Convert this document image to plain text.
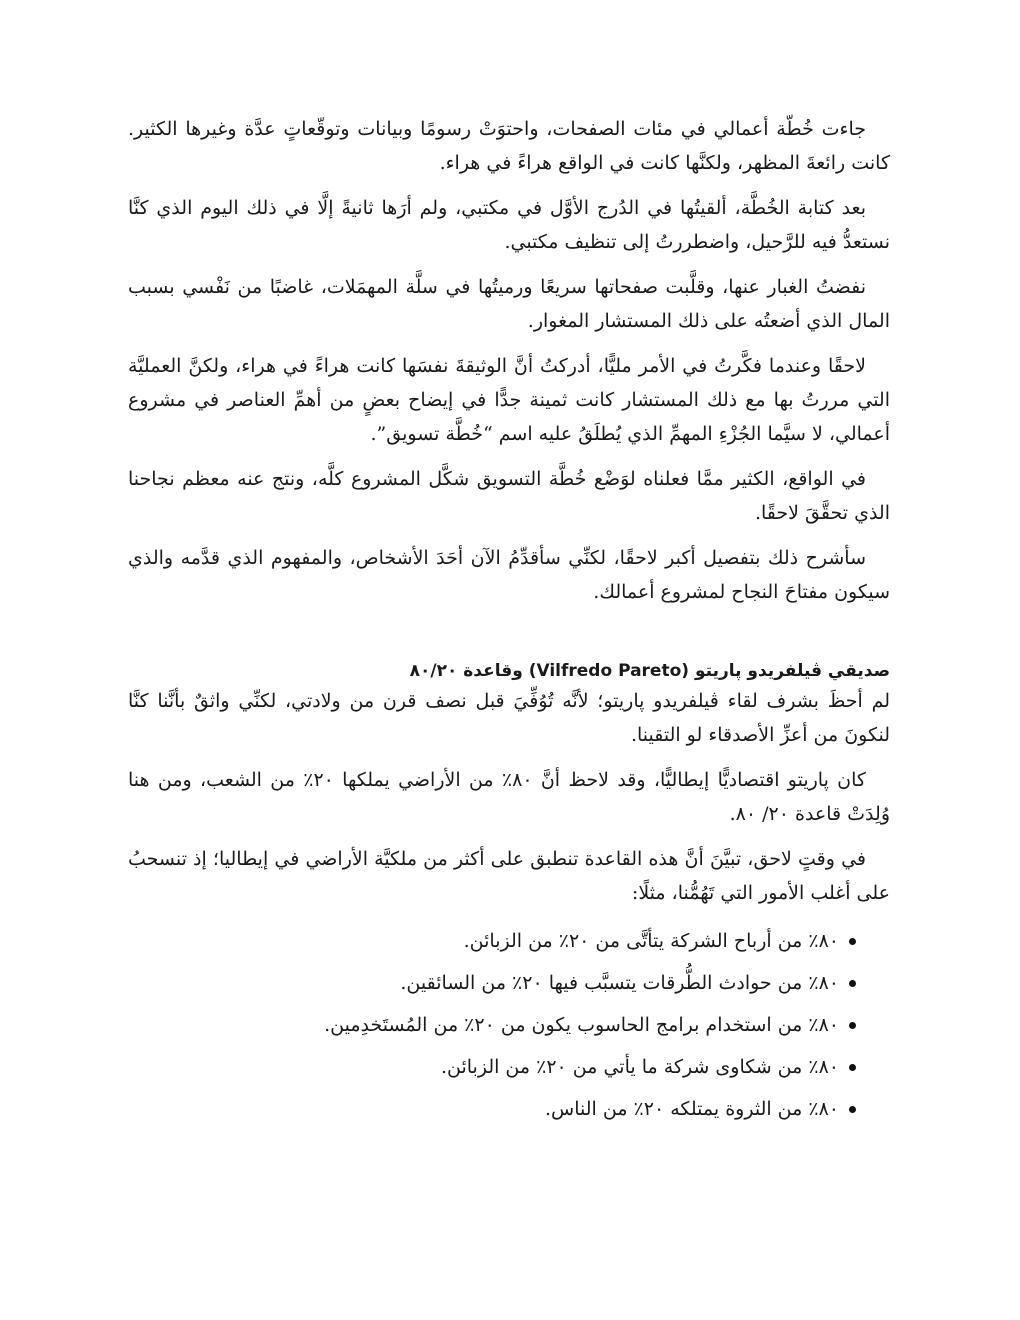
جاءت خُطّة أعمالي في مئات الصفحات، واحتوَتْ رسومًا وبيانات وتوقّعاتٍ عدَّة وغيرها الكثير. كانت رائعةَ المظهر، ولكنَّها كانت في الواقع هراءً في هراء.

بعد كتابة الخُطَّة، ألقيتُها في الدُرج الأوَّل في مكتبي، ولم أرَها ثانيةً إلَّا في ذلك اليوم الذي كنَّا نستعدُّ فيه للرَّحيل، واضطررتُ إلى تنظيف مكتبي.

نفضتُ الغبار عنها، وقلَّبت صفحاتها سريعًا ورميتُها في سلَّة المهمَلات، غاضبًا من نَفْسي بسبب المال الذي أضعتُه على ذلك المستشار المغوار.

لاحقًا وعندما فكَّرتُ في الأمر مليًّا، أدركتُ أنَّ الوثيقةَ نفسَها كانت هراءً في هراء، ولكنَّ العمليَّة التي مررتُ بها مع ذلك المستشار كانت ثمينة جدًّا في إيضاح بعضٍ من أهمِّ العناصر في مشروع أعمالي، لا سيَّما الجُزْءِ المهمِّ الذي يُطلَقُ عليه اسم “خُطَّة تسويق”.

في الواقع، الكثير ممَّا فعلناه لوَضْع خُطَّة التسويق شكَّل المشروع كلَّه، ونتج عنه معظم نجاحنا الذي تحقَّقَ لاحقًا.

سأشرح ذلك بتفصيل أكبر لاحقًا، لكنِّي سأقدِّمُ الآن أحَدَ الأشخاص، والمفهوم الذي قدَّمه والذي سيكون مفتاحَ النجاح لمشروع أعمالك.

صديقي ڤيلفريدو پاريتو (Vilfredo Pareto) وقاعدة ٨٠/٢٠

لم أحظَ بشرف لقاء ڤيلفريدو پاريتو؛ لأنَّه تُوُفِّيَ قبل نصف قرن من ولادتي، لكنِّي واثقٌ بأنَّنا كنَّا لنكونَ من أعزِّ الأصدقاء لو التقينا.

كان پاريتو اقتصاديًّا إيطاليًّا، وقد لاحظ أنَّ ٨٠٪ من الأراضي يملكها ٢٠٪ من الشعب، ومن هنا وُلِدَتْ قاعدة ٢٠/ ٨٠.

في وقتٍ لاحق، تبيَّنَ أنَّ هذه القاعدة تنطبق على أكثر من ملكيَّة الأراضي في إيطاليا؛ إذ تنسحبُ على أغلب الأمور التي تَهُمُّنا، مثلًا:

٨٠٪ من أرباح الشركة يتأتَّى من ٢٠٪ من الزبائن.
٨٠٪ من حوادث الطُّرقات يتسبَّب فيها ٢٠٪ من السائقين.
٨٠٪ من استخدام برامج الحاسوب يكون من ٢٠٪ من المُستَخدِمين.
٨٠٪ من شكاوى شركة ما يأتي من ٢٠٪ من الزبائن.
٨٠٪ من الثروة يمتلكه ٢٠٪ من الناس.
